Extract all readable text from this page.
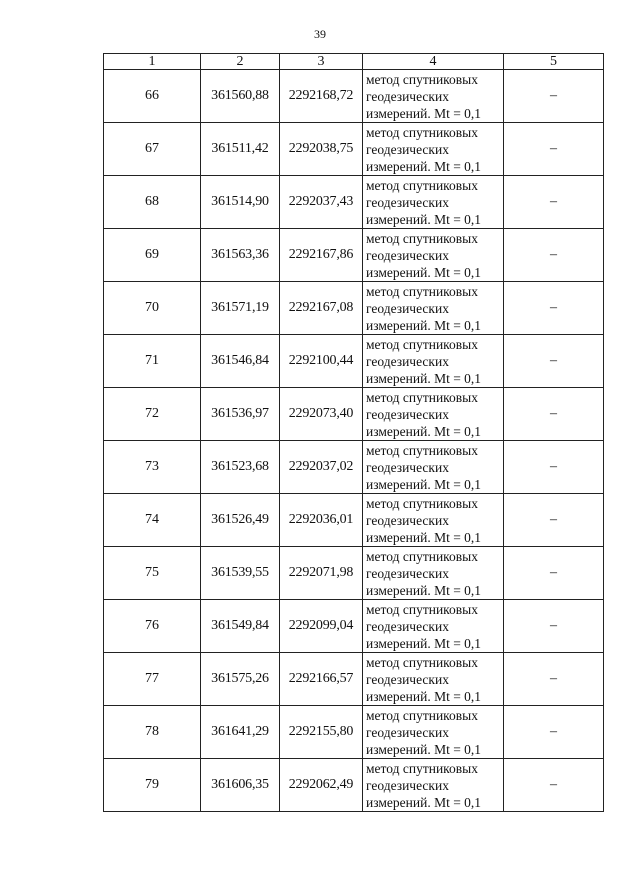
39
1	2	3	4	5
66	361560,88	2292168,72	метод спутниковых
геодезических
измерений. Mt = 0,1	–
67	361511,42	2292038,75	метод спутниковых
геодезических
измерений. Mt = 0,1	–
68	361514,90	2292037,43	метод спутниковых
геодезических
измерений. Mt = 0,1	–
69	361563,36	2292167,86	метод спутниковых
геодезических
измерений. Mt = 0,1	–
70	361571,19	2292167,08	метод спутниковых
геодезических
измерений. Mt = 0,1	–
71	361546,84	2292100,44	метод спутниковых
геодезических
измерений. Mt = 0,1	–
72	361536,97	2292073,40	метод спутниковых
геодезических
измерений. Mt = 0,1	–
73	361523,68	2292037,02	метод спутниковых
геодезических
измерений. Mt = 0,1	–
74	361526,49	2292036,01	метод спутниковых
геодезических
измерений. Mt = 0,1	–
75	361539,55	2292071,98	метод спутниковых
геодезических
измерений. Mt = 0,1	–
76	361549,84	2292099,04	метод спутниковых
геодезических
измерений. Mt = 0,1	–
77	361575,26	2292166,57	метод спутниковых
геодезических
измерений. Mt = 0,1	–
78	361641,29	2292155,80	метод спутниковых
геодезических
измерений. Mt = 0,1	–
79	361606,35	2292062,49	метод спутниковых
геодезических
измерений. Mt = 0,1	–
